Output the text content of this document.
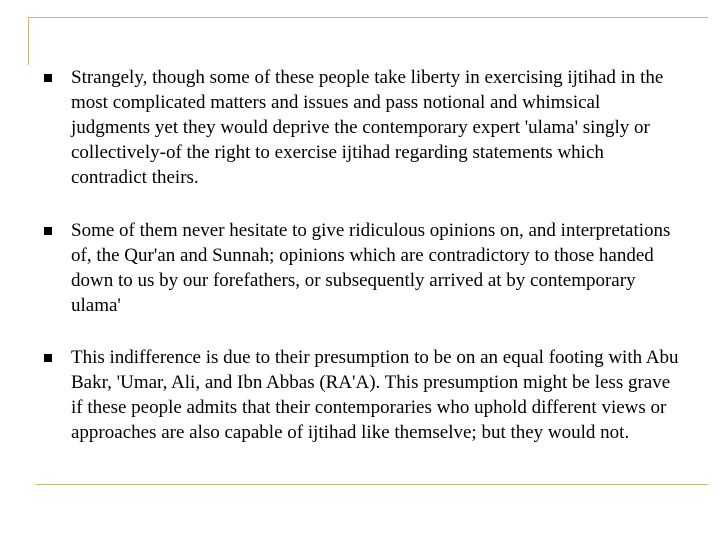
Strangely, though some of these people take liberty in exercising ijtihad in the most complicated matters and issues and pass notional and whimsical judgments yet they would deprive the contemporary expert 'ulama' singly or collectively-of the right to exercise ijtihad regarding statements which contradict theirs.

Some of them never hesitate to give ridiculous opinions on, and interpretations of, the Qur'an and Sunnah; opinions which are contradictory to those handed down to us by our forefathers, or subsequently arrived at by contemporary ulama'

This indifference is due to their presumption to be on an equal footing with Abu Bakr, 'Umar, Ali, and Ibn Abbas (RA'A). This presumption might be less grave if these people admits that their contemporaries who uphold different views or approaches are also capable of ijtihad like themselve; but they would not.
